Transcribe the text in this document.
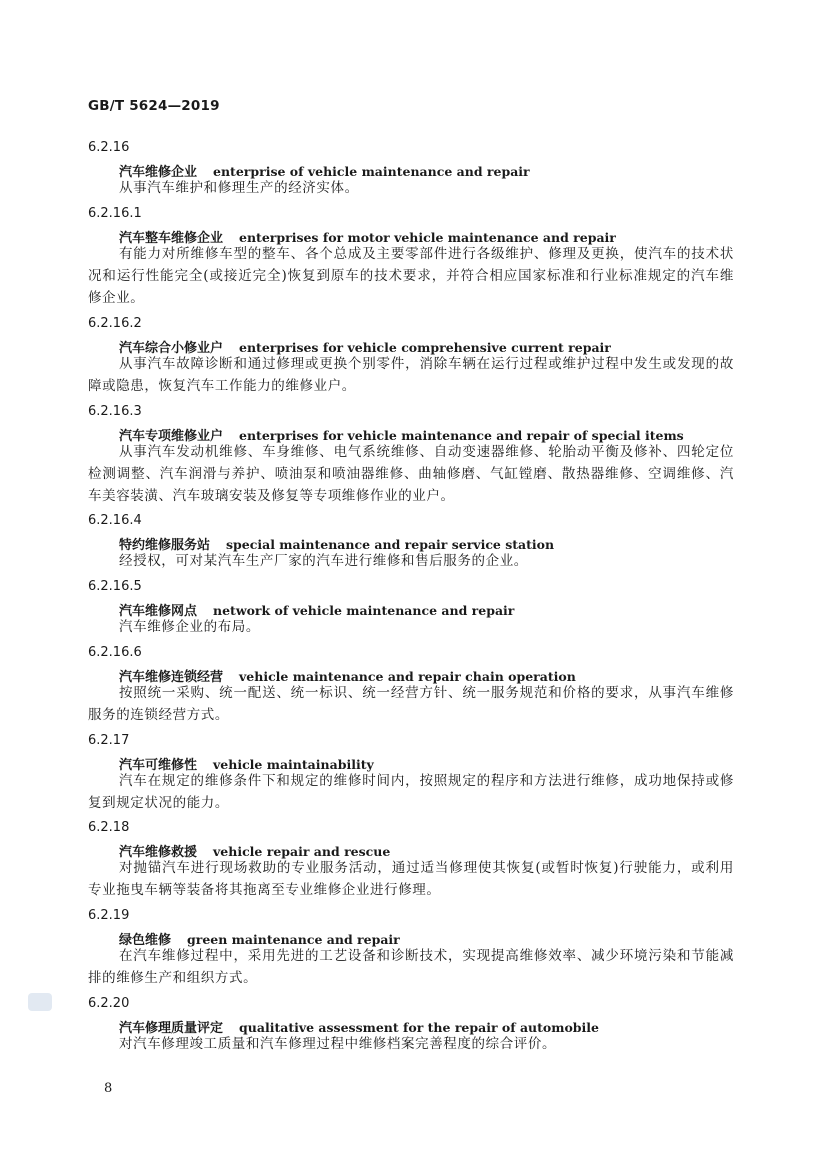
GB/T 5624—2019
6.2.16
汽车维修企业 enterprise of vehicle maintenance and repair
从事汽车维护和修理生产的经济实体。
6.2.16.1
汽车整车维修企业 enterprises for motor vehicle maintenance and repair
有能力对所维修车型的整车、各个总成及主要零部件进行各级维护、修理及更换，使汽车的技术状况和运行性能完全(或接近完全)恢复到原车的技术要求，并符合相应国家标准和行业标准规定的汽车维修企业。
6.2.16.2
汽车综合小修业户 enterprises for vehicle comprehensive current repair
从事汽车故障诊断和通过修理或更换个别零件，消除车辆在运行过程或维护过程中发生或发现的故障或隐患，恢复汽车工作能力的维修业户。
6.2.16.3
汽车专项维修业户 enterprises for vehicle maintenance and repair of special items
从事汽车发动机维修、车身维修、电气系统维修、自动变速器维修、轮胎动平衡及修补、四轮定位检测调整、汽车润滑与养护、喷油泵和喷油器维修、曲轴修磨、气缸镗磨、散热器维修、空调维修、汽车美容装潢、汽车玻璃安装及修复等专项维修作业的业户。
6.2.16.4
特约维修服务站 special maintenance and repair service station
经授权，可对某汽车生产厂家的汽车进行维修和售后服务的企业。
6.2.16.5
汽车维修网点 network of vehicle maintenance and repair
汽车维修企业的布局。
6.2.16.6
汽车维修连锁经营 vehicle maintenance and repair chain operation
按照统一采购、统一配送、统一标识、统一经营方针、统一服务规范和价格的要求，从事汽车维修服务的连锁经营方式。
6.2.17
汽车可维修性 vehicle maintainability
汽车在规定的维修条件下和规定的维修时间内，按照规定的程序和方法进行维修，成功地保持或修复到规定状况的能力。
6.2.18
汽车维修救援 vehicle repair and rescue
对抛锚汽车进行现场救助的专业服务活动，通过适当修理使其恢复(或暂时恢复)行驶能力，或利用专业拖曳车辆等装备将其拖离至专业维修企业进行修理。
6.2.19
绿色维修 green maintenance and repair
在汽车维修过程中，采用先进的工艺设备和诊断技术，实现提高维修效率、减少环境污染和节能减排的维修生产和组织方式。
6.2.20
汽车修理质量评定 qualitative assessment for the repair of automobile
对汽车修理竣工质量和汽车修理过程中维修档案完善程度的综合评价。
8
